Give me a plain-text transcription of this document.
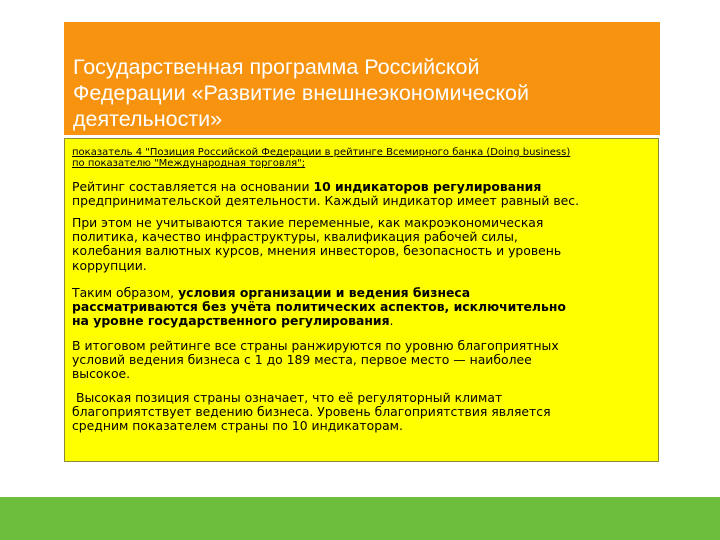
Государственная программа Российской
Федерации «Развитие внешнеэкономической
деятельности»
показатель 4 "Позиция Российской Федерации в рейтинге Всемирного банка (Doing business)
по показателю "Международная торговля";
Рейтинг составляется на основании 10 индикаторов регулирования
предпринимательской деятельности. Каждый индикатор имеет равный вес.
При этом не учитываются такие переменные, как макроэкономическая
политика, качество инфраструктуры, квалификация рабочей силы,
колебания валютных курсов, мнения инвесторов, безопасность и уровень
коррупции.
Таким образом, условия организации и ведения бизнеса
рассматриваются без учёта политических аспектов, исключительно
на уровне государственного регулирования.
В итоговом рейтинге все страны ранжируются по уровню благоприятных
условий ведения бизнеса с 1 до 189 места, первое место — наиболее
высокое.
Высокая позиция страны означает, что её регуляторный климат
благоприятствует ведению бизнеса. Уровень благоприятствия является
средним показателем страны по 10 индикаторам.
